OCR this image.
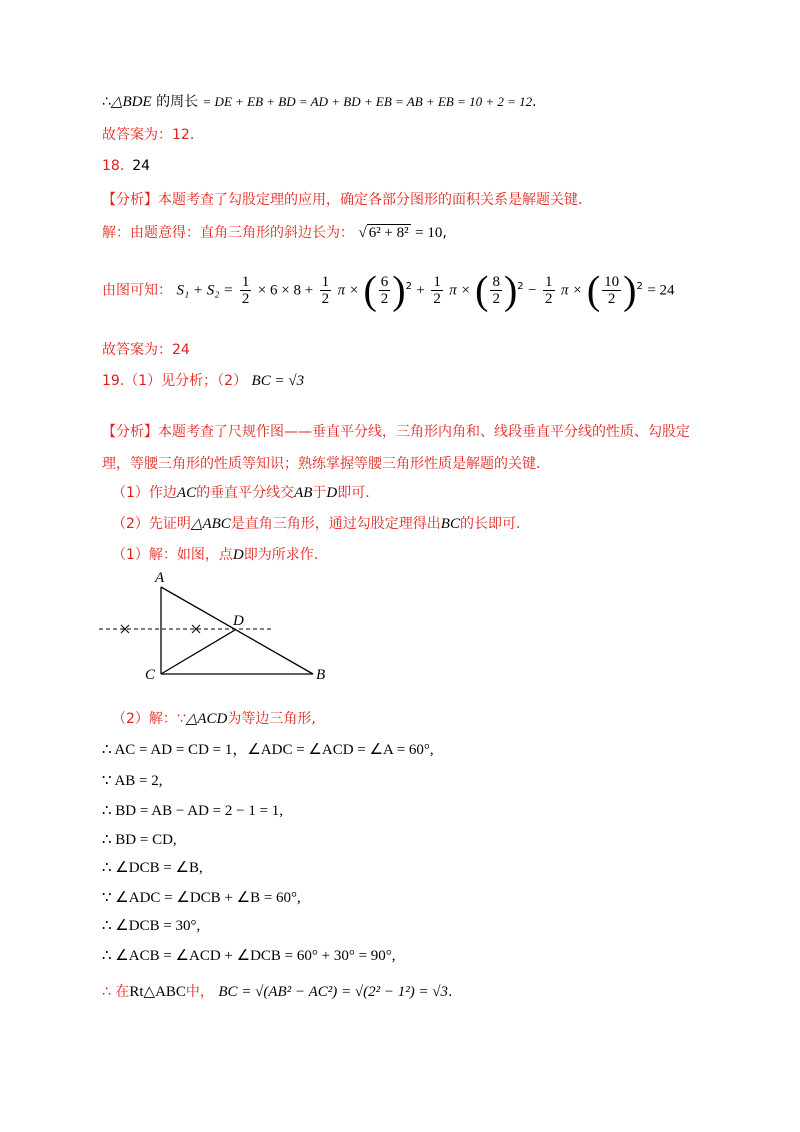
∴△BDE 的周长 = DE + EB + BD = AD + BD + EB = AB + EB = 10 + 2 = 12.
故答案为：12.
18. 24
【分析】本题考查了勾股定理的应用，确定各部分图形的面积关系是解题关键.
解：由题意得：直角三角形的斜边长为： √ 6² + 8² = 10,
由图可知： $S_1 + S_2 = \frac{1}{2} \times 6 \times 8 + \frac{1}{2}$ π × ( $\frac{6}{2} )^2 + \frac{1}{2}$ π × ( $\frac{8}{2} )^2 - \frac{1}{2}$ π × ( $\frac{10}{2} )^2 = 24$
故答案为：24
19.（1）见分析；（2） BC = √3
【分析】本题考查了尺规作图——垂直平分线，三角形内角和、线段垂直平分线的性质、勾股定理，等腰三角形的性质等知识；熟练掌握等腰三角形性质是解题的关键.
（1）作边AC的垂直平分线交AB于D即可.
（2）先证明△ABC是直角三角形，通过勾股定理得出BC的长即可.
（1）解：如图，点D即为所求作.
A
D
C	B
（2）解：∵△ACD为等边三角形,
∴ AC = AD = CD = 1，∠ADC = ∠ACD = ∠A = 60°,
∵ AB = 2,
∴ BD = AB − AD = 2 − 1 = 1,
∴ BD = CD,
∴ ∠DCB = ∠B,
∵ ∠ADC = ∠DCB + ∠B = 60°,
∴ ∠DCB = 30°,
∴ ∠ACB = ∠ACD + ∠DCB = 60° + 30° = 90°,
∴ 在Rt△ABC中， BC = √(AB² − AC²) = √(2² − 1²) = √3.
